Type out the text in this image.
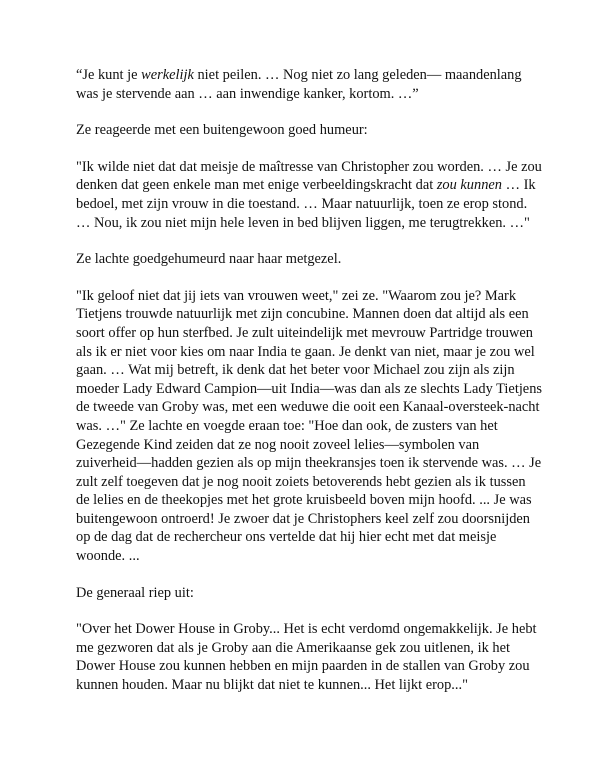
“Je kunt je werkelijk niet peilen. … Nog niet zo lang geleden— maandenlang was je stervende aan … aan inwendige kanker, kortom. …”

Ze reageerde met een buitengewoon goed humeur:

"Ik wilde niet dat dat meisje de maîtresse van Christopher zou worden. … Je zou denken dat geen enkele man met enige verbeeldingskracht dat zou kunnen … Ik bedoel, met zijn vrouw in die toestand. … Maar natuurlijk, toen ze erop stond. … Nou, ik zou niet mijn hele leven in bed blijven liggen, me terugtrekken. …"

Ze lachte goedgehumeurd naar haar metgezel.

"Ik geloof niet dat jij iets van vrouwen weet," zei ze. "Waarom zou je? Mark Tietjens trouwde natuurlijk met zijn concubine. Mannen doen dat altijd als een soort offer op hun sterfbed. Je zult uiteindelijk met mevrouw Partridge trouwen als ik er niet voor kies om naar India te gaan. Je denkt van niet, maar je zou wel gaan. … Wat mij betreft, ik denk dat het beter voor Michael zou zijn als zijn moeder Lady Edward Campion—uit India—was dan als ze slechts Lady Tietjens de tweede van Groby was, met een weduwe die ooit een Kanaal-oversteek-nacht was. …" Ze lachte en voegde eraan toe: "Hoe dan ook, de zusters van het Gezegende Kind zeiden dat ze nog nooit zoveel lelies—symbolen van zuiverheid—hadden gezien als op mijn theekransjes toen ik stervende was. … Je zult zelf toegeven dat je nog nooit zoiets betoverends hebt gezien als ik tussen de lelies en de theekopjes met het grote kruisbeeld boven mijn hoofd. ... Je was buitengewoon ontroerd! Je zwoer dat je Christophers keel zelf zou doorsnijden op de dag dat de rechercheur ons vertelde dat hij hier echt met dat meisje woonde. ...

De generaal riep uit:

"Over het Dower House in Groby... Het is echt verdomd ongemakkelijk. Je hebt me gezworen dat als je Groby aan die Amerikaanse gek zou uitlenen, ik het Dower House zou kunnen hebben en mijn paarden in de stallen van Groby zou kunnen houden. Maar nu blijkt dat niet te kunnen... Het lijkt erop..."
